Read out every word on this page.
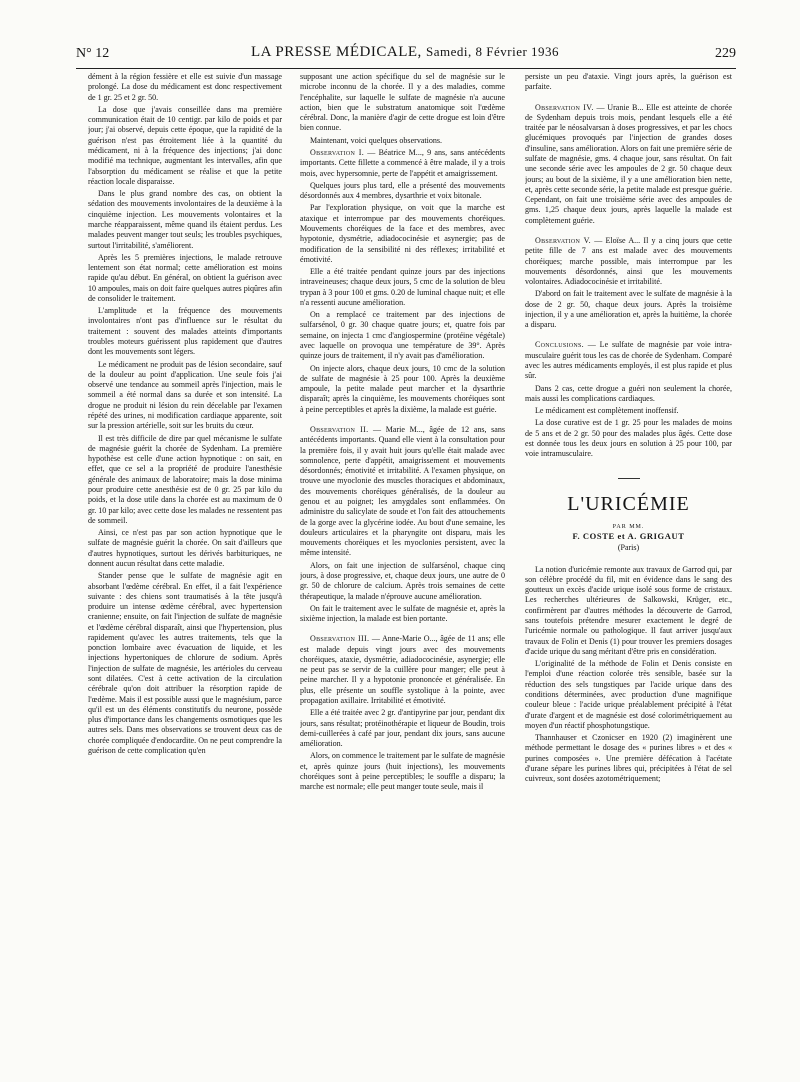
N° 12	LA PRESSE MÉDICALE, Samedi, 8 Février 1936	229

dément à la région fessière et elle est suivie d'un massage prolongé. La dose du médicament est donc respectivement de 1 gr. 25 et 2 gr. 50.

La dose que j'avais conseillée dans ma première communication était de 10 centigr. par kilo de poids et par jour; j'ai observé, depuis cette époque, que la rapidité de la guérison n'est pas étroitement liée à la quantité du médicament, ni à la fréquence des injections; j'ai donc modifié ma technique, augmentant les intervalles, afin que l'absorption du médicament se réalise et que la petite réaction locale disparaisse.

Dans le plus grand nombre des cas, on obtient la sédation des mouvements involontaires de la deuxième à la cinquième injection. Les mouvements volontaires et la marche réapparaissent, même quand ils étaient perdus. Les malades peuvent manger tout seuls; les troubles psychiques, surtout l'irritabilité, s'améliorent.

Après les 5 premières injections, le malade retrouve lentement son état normal; cette amélioration est moins rapide qu'au début. En général, on obtient la guérison avec 10 ampoules, mais on doit faire quelques autres piqûres afin de consolider le traitement.

L'amplitude et la fréquence des mouvements involontaires n'ont pas d'influence sur le résultat du traitement : souvent des malades atteints d'importants troubles moteurs guérissent plus rapidement que d'autres dont les mouvements sont légers.

Le médicament ne produit pas de lésion secondaire, sauf de la douleur au point d'application. Une seule fois j'ai observé une tendance au sommeil après l'injection, mais le sommeil a été normal dans sa durée et son intensité. La drogue ne produit ni lésion du rein décelable par l'examen répété des urines, ni modification cardiaque apparente, soit sur la pression artérielle, soit sur les bruits du cœur.

Il est très difficile de dire par quel mécanisme le sulfate de magnésie guérit la chorée de Sydenham. La première hypothèse est celle d'une action hypnotique : on sait, en effet, que ce sel a la propriété de produire l'anesthésie générale des animaux de laboratoire; mais la dose minima pour produire cette anesthésie est de 0 gr. 25 par kilo du poids, et la dose utile dans la chorée est au maximum de 0 gr. 10 par kilo; avec cette dose les malades ne ressentent pas de sommeil.

Ainsi, ce n'est pas par son action hypnotique que le sulfate de magnésie guérit la chorée. On sait d'ailleurs que d'autres hypnotiques, surtout les dérivés barbituriques, ne donnent aucun résultat dans cette maladie.

Stander pense que le sulfate de magnésie agit en absorbant l'œdème cérébral. En effet, il a fait l'expérience suivante : des chiens sont traumatisés à la tête jusqu'à produire un intense œdème cérébral, avec hypertension cranienne; ensuite, on fait l'injection de sulfate de magnésie et l'œdème cérébral disparaît, ainsi que l'hypertension, plus rapidement qu'avec les autres traitements, tels que la ponction lombaire avec évacuation de liquide, et les injections hypertoniques de chlorure de sodium. Après l'injection de sulfate de magnésie, les artérioles du cerveau sont dilatées. C'est à cette activation de la circulation cérébrale qu'on doit attribuer la résorption rapide de l'œdème. Mais il est possible aussi que le magnésium, parce qu'il est un des éléments constitutifs du neurone, possède plus d'importance dans les changements osmotiques que les autres sels. Dans mes observations se trouvent deux cas de chorée compliquée d'endocardite. On ne peut comprendre la guérison de cette complication qu'en

supposant une action spécifique du sel de magnésie sur le microbe inconnu de la chorée. Il y a des maladies, comme l'encéphalite, sur laquelle le sulfate de magnésie n'a aucune action, bien que le substratum anatomique soit l'œdème cérébral. Donc, la manière d'agir de cette drogue est loin d'être bien connue.

Maintenant, voici quelques observations.

Observation I. — Béatrice M..., 9 ans, sans antécédents importants. Cette fillette a commencé à être malade, il y a trois mois, avec hypersomnie, perte de l'appétit et amaigrissement.

Quelques jours plus tard, elle a présenté des mouvements désordonnés aux 4 membres, dysarthrie et voix bitonale.

Par l'exploration physique, on voit que la marche est ataxique et interrompue par des mouvements choréiques. Mouvements choréiques de la face et des membres, avec hypotonie, dysmétrie, adiadococinésie et asynergie; pas de modification de la sensibilité ni des réflexes; irritabilité et émotivité.

Elle a été traitée pendant quinze jours par des injections intraveineuses; chaque deux jours, 5 cmc de la solution de bleu trypan à 3 pour 100 et gms. 0.20 de luminal chaque nuit; et elle n'a ressenti aucune amélioration.

On a remplacé ce traitement par des injections de sulfarsénol, 0 gr. 30 chaque quatre jours; et, quatre fois par semaine, on injecta 1 cmc d'angiospermine (protéine végétale) avec laquelle on provoqua une température de 39°. Après quinze jours de traitement, il n'y avait pas d'amélioration.

On injecte alors, chaque deux jours, 10 cmc de la solution de sulfate de magnésie à 25 pour 100. Après la deuxième ampoule, la petite malade peut marcher et la dysarthrie disparaît; après la cinquième, les mouvements choréiques sont à peine perceptibles et après la dixième, la malade est guérie.

Observation II. — Marie M..., âgée de 12 ans, sans antécédents importants. Quand elle vient à la consultation pour la première fois, il y avait huit jours qu'elle était malade avec somnolence, perte d'appétit, amaigrissement et mouvements désordonnés; émotivité et irritabilité. A l'examen physique, on trouve une myoclonie des muscles thoraciques et abdominaux, des mouvements choréiques généralisés, de la douleur au genou et au poignet; les amygdales sont enflammées. On administre du salicylate de soude et l'on fait des attouchements de la gorge avec la glycérine iodée. Au bout d'une semaine, les douleurs articulaires et la pharyngite ont disparu, mais les mouvements choréiques et les myoclonies persistent, avec la même intensité.

Alors, on fait une injection de sulfarsénol, chaque cinq jours, à dose progressive, et, chaque deux jours, une autre de 0 gr. 50 de chlorure de calcium. Après trois semaines de cette thérapeutique, la malade n'éprouve aucune amélioration.

On fait le traitement avec le sulfate de magnésie et, après la sixième injection, la malade est bien portante.

Observation III. — Anne-Marie O..., âgée de 11 ans; elle est malade depuis vingt jours avec des mouvements choréiques, ataxie, dysmétrie, adiadococinésie, asynergie; elle ne peut pas se servir de la cuillère pour manger; elle peut à peine marcher. Il y a hypotonie prononcée et généralisée. En plus, elle présente un souffle systolique à la pointe, avec propagation axillaire. Irritabilité et émotivité.

Elle a été traitée avec 2 gr. d'antipyrine par jour, pendant dix jours, sans résultat; protéinothérapie et liqueur de Boudin, trois demi-cuillerées à café par jour, pendant dix jours, sans aucune amélioration.

Alors, on commence le traitement par le sulfate de magnésie et, après quinze jours (huit injections), les mouvements choréiques sont à peine perceptibles; le souffle a disparu; la marche est normale; elle peut manger toute seule, mais il

persiste un peu d'ataxie. Vingt jours après, la guérison est parfaite.

Observation IV. — Uranie B... Elle est atteinte de chorée de Sydenham depuis trois mois, pendant lesquels elle a été traitée par le néosalvarsan à doses progressives, et par les chocs glucémiques provoqués par l'injection de grandes doses d'insuline, sans amélioration. Alors on fait une première série de sulfate de magnésie, gms. 4 chaque jour, sans résultat. On fait une seconde série avec les ampoules de 2 gr. 50 chaque deux jours; au bout de la sixième, il y a une amélioration bien nette, et, après cette seconde série, la petite malade est presque guérie. Cependant, on fait une troisième série avec des ampoules de gms. 1,25 chaque deux jours, après laquelle la malade est complètement guérie.

Observation V. — Eloïse A... Il y a cinq jours que cette petite fille de 7 ans est malade avec des mouvements choréiques; marche possible, mais interrompue par les mouvements désordonnés, ainsi que les mouvements volontaires. Adiadococinésie et irritabilité.

D'abord on fait le traitement avec le sulfate de magnésie à la dose de 2 gr. 50, chaque deux jours. Après la troisième injection, il y a une amélioration et, après la huitième, la chorée a disparu.

Conclusions. — Le sulfate de magnésie par voie intra-musculaire guérit tous les cas de chorée de Sydenham. Comparé avec les autres médicaments employés, il est plus rapide et plus sûr.

Dans 2 cas, cette drogue a guéri non seulement la chorée, mais aussi les complications cardiaques.

Le médicament est complètement inoffensif.

La dose curative est de 1 gr. 25 pour les malades de moins de 5 ans et de 2 gr. 50 pour des malades plus âgés. Cette dose est donnée tous les deux jours en solution à 25 pour 100, par voie intramusculaire.

L'URICÉMIE
PAR MM.
F. COSTE et A. GRIGAUT
(Paris)

La notion d'uricémie remonte aux travaux de Garrod qui, par son célèbre procédé du fil, mit en évidence dans le sang des goutteux un excès d'acide urique isolé sous forme de cristaux. Les recherches ultérieures de Salkowski, Krüger, etc., confirmèrent par d'autres méthodes la découverte de Garrod, sans toutefois prétendre mesurer exactement le degré de l'uricémie normale ou pathologique. Il faut arriver jusqu'aux travaux de Folin et Denis (1) pour trouver les premiers dosages d'acide urique du sang méritant d'être pris en considération.

L'originalité de la méthode de Folin et Denis consiste en l'emploi d'une réaction colorée très sensible, basée sur la réduction des sels tungstiques par l'acide urique dans des conditions déterminées, avec production d'une magnifique couleur bleue : l'acide urique préalablement précipité à l'état d'urate d'argent et de magnésie est dosé colorimétriquement au moyen d'un réactif phosphotungstique.

Thannhauser et Czonicser en 1920 (2) imaginèrent une méthode permettant le dosage des « purines libres » et des « purines composées ». Une première défécation à l'acétate d'urane sépare les purines libres qui, précipitées à l'état de sel cuivreux, sont dosées azotométriquement;
